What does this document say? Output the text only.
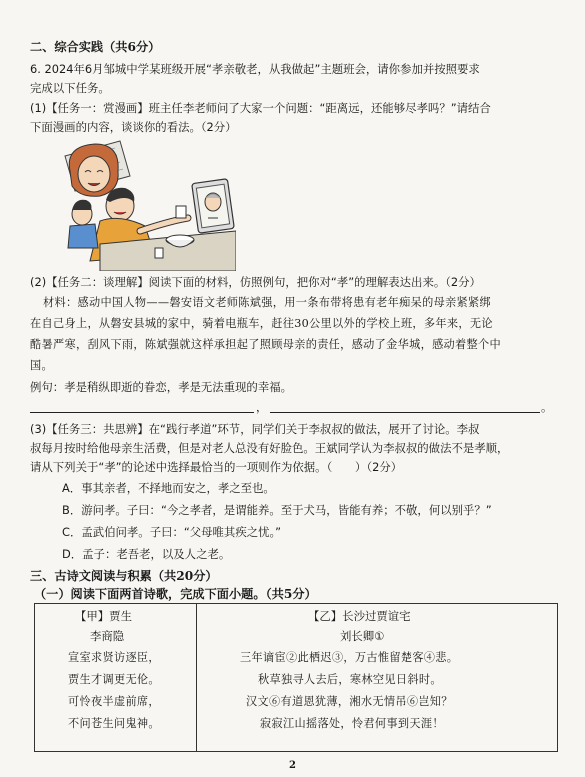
二、综合实践（共6分）
6. 2024年6月邹城中学某班级开展“孝亲敬老，从我做起”主题班会，请你参加并按照要求
完成以下任务。
(1)【任务一：赏漫画】班主任李老师问了大家一个问题：“距离远，还能够尽孝吗？”请结合
下面漫画的内容，谈谈你的看法。（2分）
(2)【任务二：谈理解】阅读下面的材料，仿照例句，把你对“孝”的理解表达出来。（2分）
材料：感动中国人物——磐安语文老师陈斌强，用一条布带将患有老年痴呆的母亲紧紧绑
在自己身上，从磐安县城的家中，骑着电瓶车，赶往30公里以外的学校上班，多年来，无论
酷暑严寒，刮风下雨，陈斌强就这样承担起了照顾母亲的责任，感动了金华城，感动着整个中
国。
例句：孝是稍纵即逝的眷恋，孝是无法重现的幸福。
，	。
(3)【任务三：共思辨】在“践行孝道”环节，同学们关于李叔叔的做法，展开了讨论。李叔
叔每月按时给他母亲生活费，但是对老人总没有好脸色。王斌同学认为李叔叔的做法不是孝顺，
请从下列关于“孝”的论述中选择最恰当的一项则作为依据。（　　）（2分）
A．事其亲者，不择地而安之，孝之至也。
B．游问孝。子曰：“今之孝者，是谓能养。至于犬马，皆能有养；不敬，何以别乎？”
C．孟武伯问孝。子曰：“父母唯其疾之忧。”
D．孟子：老吾老，以及人之老。
三、古诗文阅读与积累（共20分）
（一）阅读下面两首诗歌，完成下面小题。（共5分）
【甲】贾生
李商隐
宣室求贤访逐臣，
贾生才调更无伦。
可怜夜半虚前席，
不问苍生问鬼神。
【乙】长沙过贾谊宅
刘长卿①
三年谪宦②此栖迟③，万古惟留楚客④悲。
秋草独寻人去后，寒林空见日斜时。
汉文⑥有道恩犹薄，湘水无情吊⑥岂知？
寂寂江山摇落处，怜君何事到天涯！
2
